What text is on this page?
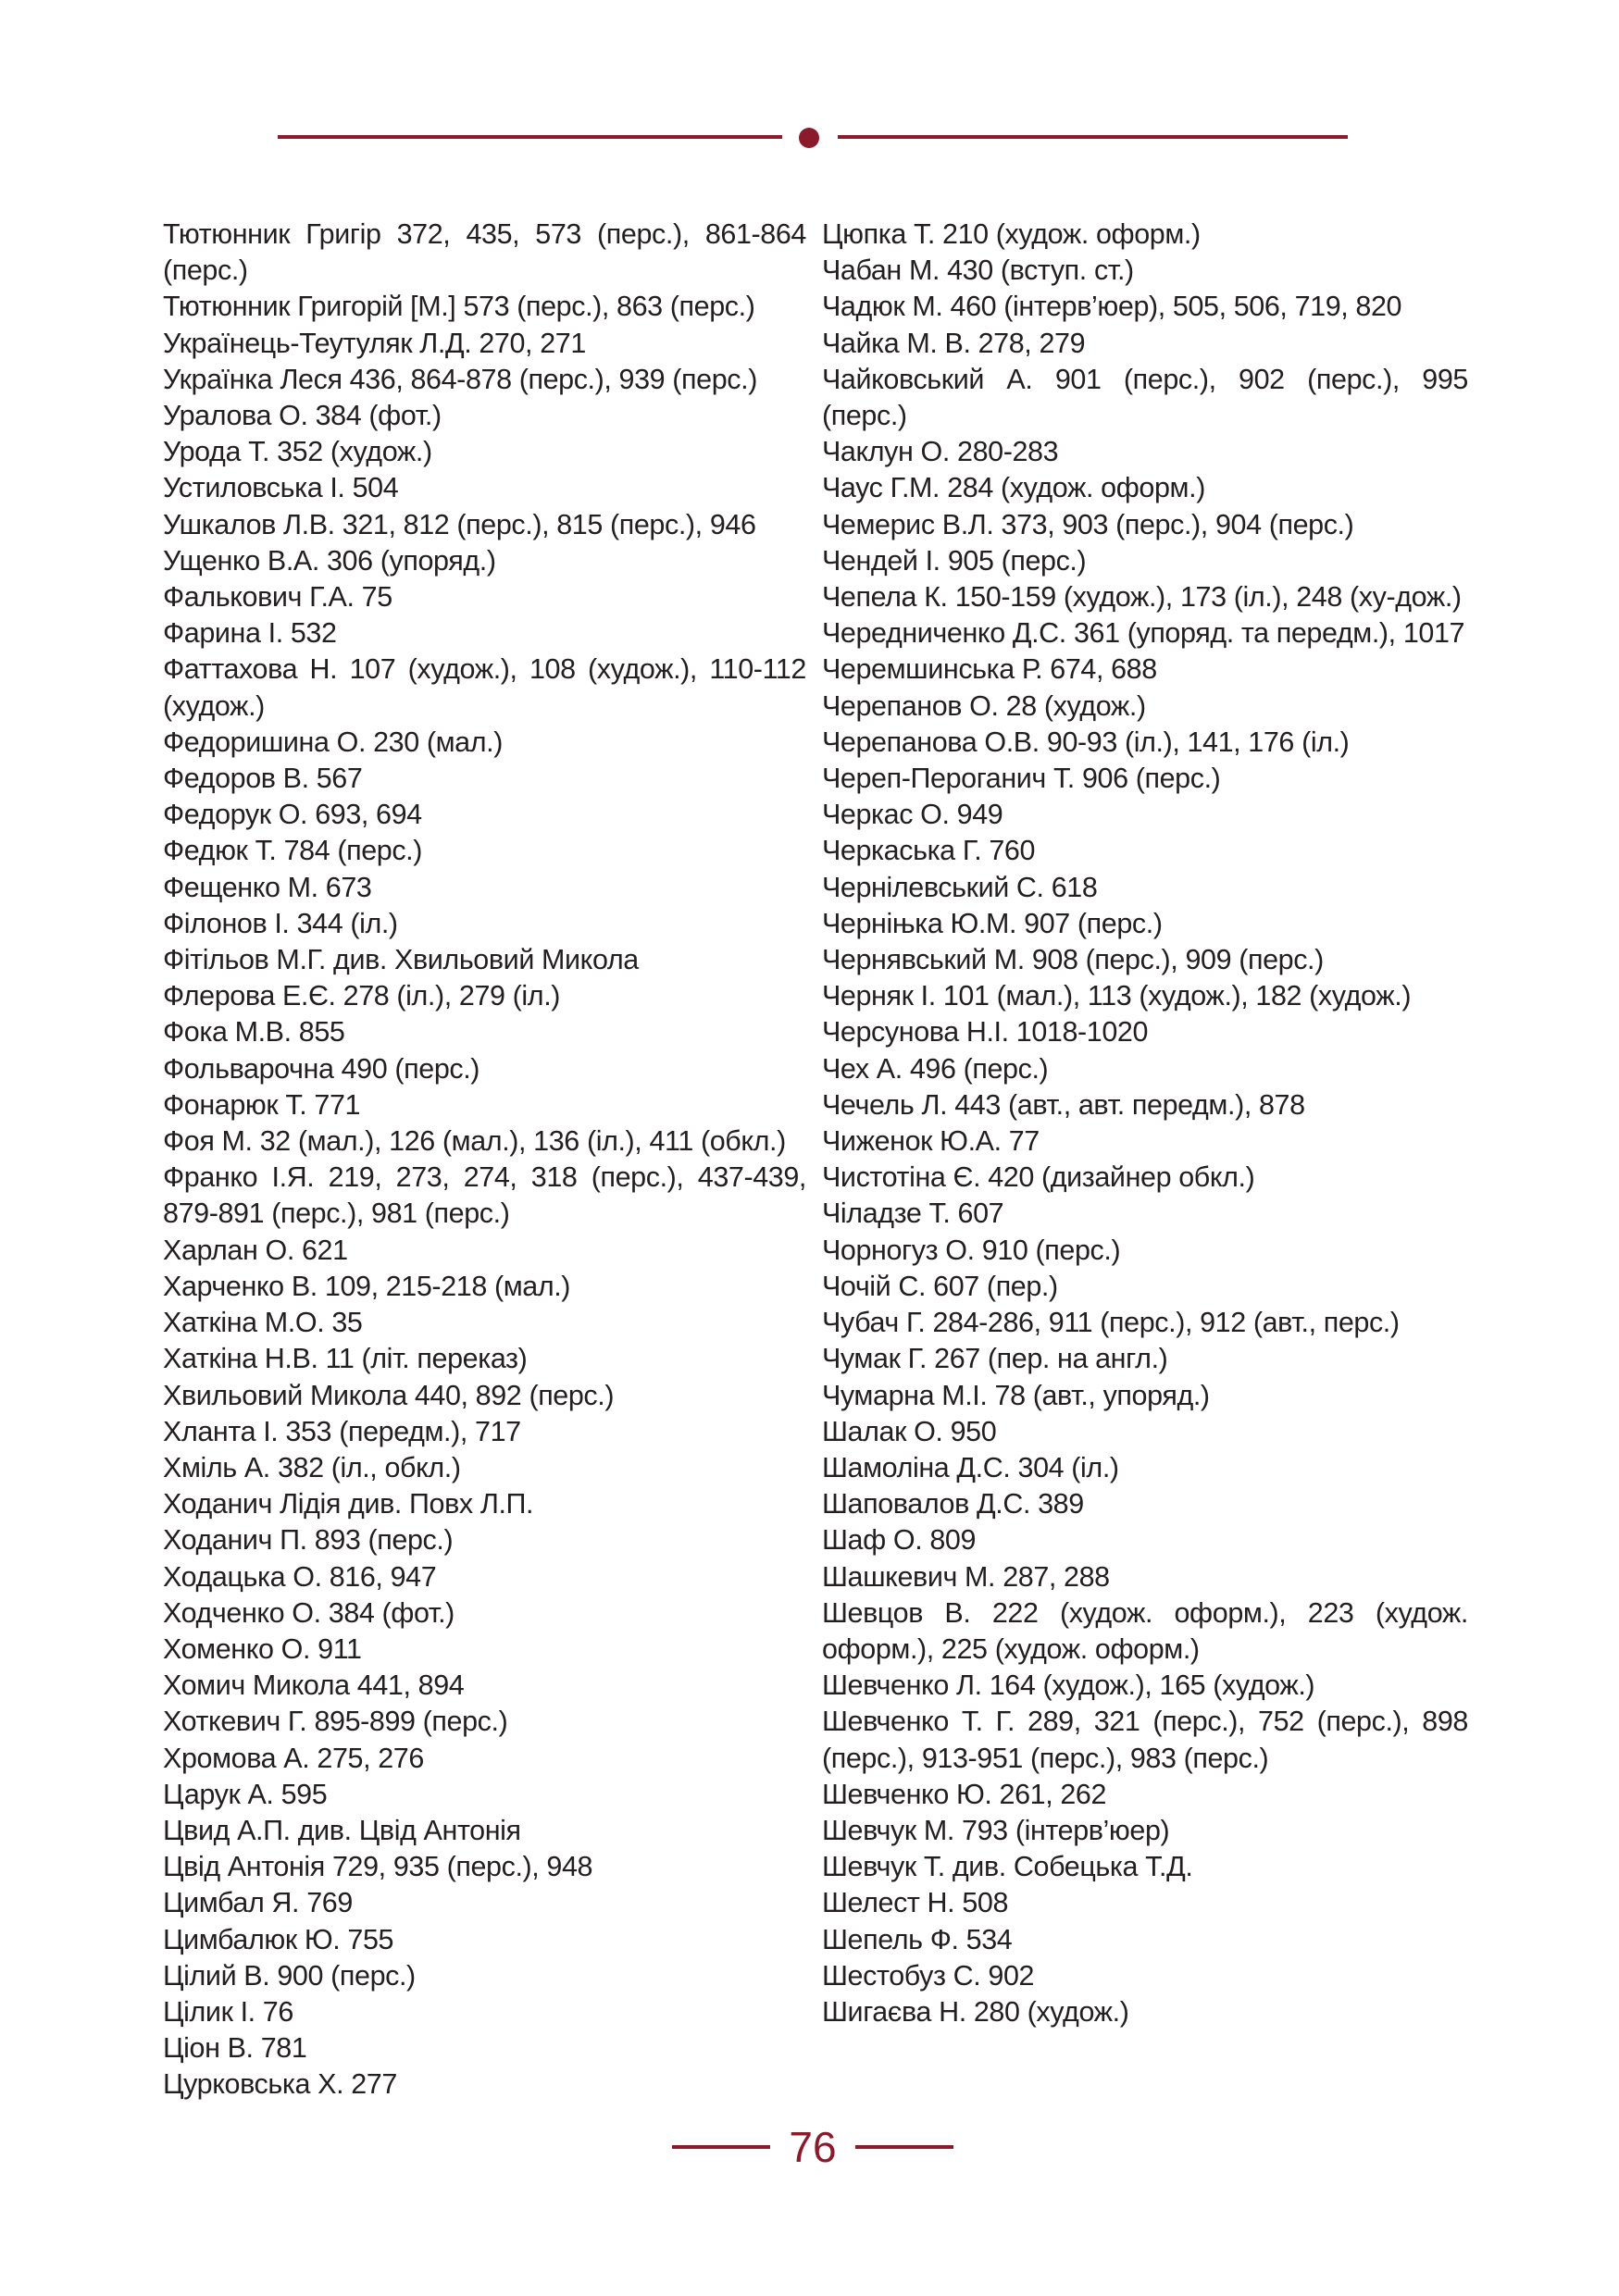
Тютюнник Григір 372, 435, 573 (перс.), 861-864 (перс.)
Тютюнник Григорій [М.] 573 (перс.), 863 (перс.)
Українець-Теутуляк Л.Д. 270, 271
Українка Леся 436, 864-878 (перс.), 939 (перс.)
Уралова О. 384 (фот.)
Урода Т. 352 (худож.)
Устиловська І. 504
Ушкалов Л.В. 321, 812 (перс.), 815 (перс.), 946
Ущенко В.А. 306 (упоряд.)
Фалькович Г.А. 75
Фарина І. 532
Фаттахова Н. 107 (худож.), 108 (худож.), 110-112 (худож.)
Федоришина О. 230 (мал.)
Федоров В. 567
Федорук О. 693, 694
Федюк Т. 784 (перс.)
Фещенко М. 673
Філонов І. 344 (іл.)
Фітільов М.Г. див. Хвильовий Микола
Флерова Е.Є. 278 (іл.), 279 (іл.)
Фока М.В. 855
Фольварочна 490 (перс.)
Фонарюк Т. 771
Фоя М. 32 (мал.), 126 (мал.), 136 (іл.), 411 (обкл.)
Франко І.Я. 219, 273, 274, 318 (перс.), 437-439, 879-891 (перс.), 981 (перс.)
Харлан О. 621
Харченко В. 109, 215-218 (мал.)
Хаткіна М.О. 35
Хаткіна Н.В. 11 (літ. переказ)
Хвильовий Микола 440, 892 (перс.)
Хланта І. 353 (передм.), 717
Хміль А. 382 (іл., обкл.)
Ходанич Лідія див. Повх Л.П.
Ходанич П. 893 (перс.)
Ходацька О. 816, 947
Ходченко О. 384 (фот.)
Хоменко О. 911
Хомич Микола 441, 894
Хоткевич Г. 895-899 (перс.)
Хромова А. 275, 276
Царук А. 595
Цвид А.П. див. Цвід Антонія
Цвід Антонія 729, 935 (перс.), 948
Цимбал Я. 769
Цимбалюк Ю. 755
Цілий В. 900 (перс.)
Цілик І. 76
Ціон В. 781
Цурковська Х. 277
Цюпка Т. 210 (худож. оформ.)
Чабан М. 430 (вступ. ст.)
Чадюк М. 460 (інтерв’юер), 505, 506, 719, 820
Чайка М. В. 278, 279
Чайковський А. 901 (перс.), 902 (перс.), 995 (перс.)
Чаклун О. 280-283
Чаус Г.М. 284 (худож. оформ.)
Чемерис В.Л. 373, 903 (перс.), 904 (перс.)
Чендей І. 905 (перс.)
Чепела К. 150-159 (худож.), 173 (іл.), 248 (ху-дож.)
Чередниченко Д.С. 361 (упоряд. та передм.), 1017
Черемшинська Р. 674, 688
Черепанов О. 28 (худож.)
Черепанова О.В. 90-93 (іл.), 141, 176 (іл.)
Череп-Пероганич Т. 906 (перс.)
Черкас О. 949
Черкаська Г. 760
Чернілевський С. 618
Черніњка Ю.М. 907 (перс.)
Чернявський М. 908 (перс.), 909 (перс.)
Черняк І. 101 (мал.), 113 (худож.), 182 (худож.)
Черсунова Н.І. 1018-1020
Чех А. 496 (перс.)
Чечель Л. 443 (авт., авт. передм.), 878
Чиженок Ю.А. 77
Чистотіна Є. 420 (дизайнер обкл.)
Чіладзе Т. 607
Чорногуз О. 910 (перс.)
Чочій С. 607 (пер.)
Чубач Г. 284-286, 911 (перс.), 912 (авт., перс.)
Чумак Г. 267 (пер. на англ.)
Чумарна М.І. 78 (авт., упоряд.)
Шалак О. 950
Шамоліна Д.С. 304 (іл.)
Шаповалов Д.С. 389
Шаф О. 809
Шашкевич М. 287, 288
Шевцов В. 222 (худож. оформ.), 223 (худож. оформ.), 225 (худож. оформ.)
Шевченко Л. 164 (худож.), 165 (худож.)
Шевченко Т. Г. 289, 321 (перс.), 752 (перс.), 898 (перс.), 913-951 (перс.), 983 (перс.)
Шевченко Ю. 261, 262
Шевчук М. 793 (інтерв’юер)
Шевчук Т. див. Собецька Т.Д.
Шелест Н. 508
Шепель Ф. 534
Шестобуз С. 902
Шигаєва Н. 280 (худож.)
76
